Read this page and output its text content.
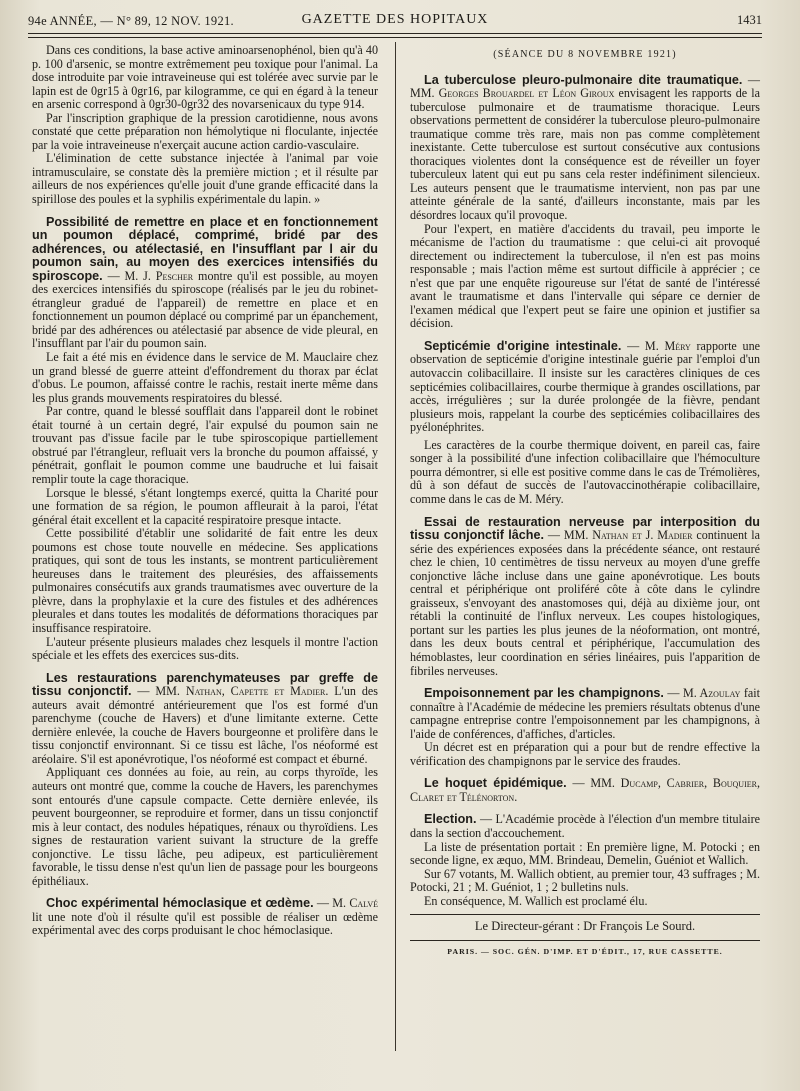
94e ANNÉE, — N° 89, 12 NOV. 1921.	GAZETTE DES HOPITAUX	1431

Dans ces conditions, la base active aminoarsenophénol, bien qu'à 40 p. 100 d'arsenic, se montre extrêmement peu toxique pour l'animal. La dose introduite par voie intraveineuse qui est tolérée avec survie par le lapin est de 0gr15 à 0gr16, par kilogramme, ce qui en égard à la teneur en arsenic correspond à 0gr30-0gr32 des novarsenicaux du type 914.

Par l'inscription graphique de la pression carotidienne, nous avons constaté que cette préparation non hémolytique ni floculante, injectée par la voie intraveineuse n'exerçait aucune action cardio-vasculaire.

L'élimination de cette substance injectée à l'animal par voie intramusculaire, se constate dès la première miction ; et il résulte par ailleurs de nos expériences qu'elle jouit d'une grande efficacité dans la spirillose des poules et la syphilis expérimentale du lapin. »

Possibilité de remettre en place et en fonctionnement un poumon déplacé, comprimé, bridé par des adhérences, ou atélectasié, en l'insufflant par l air du poumon sain, au moyen des exercices intensifiés du spiroscope. — M. J. Pescher montre qu'il est possible, au moyen des exercices intensifiés du spiroscope (réalisés par le jeu du robinet-étrangleur gradué de l'appareil) de remettre en place et en fonctionnement un poumon déplacé ou comprimé par un épanchement, bridé par des adhérences ou atélectasié par absence de vide pleural, en l'insufflant par l'air du poumon sain.

Le fait a été mis en évidence dans le service de M. Mauclaire chez un grand blessé de guerre atteint d'effondrement du thorax par éclat d'obus. Le poumon, affaissé contre le rachis, restait inerte même dans les plus grands mouvements respiratoires du blessé.

Par contre, quand le blessé soufflait dans l'appareil dont le robinet était tourné à un certain degré, l'air expulsé du poumon sain ne trouvant pas d'issue facile par le tube spiroscopique partiellement obstrué par l'étrangleur, refluait vers la bronche du poumon affaissé, y pénétrait, gonflait le poumon comme une baudruche et lui faisait remplir toute la cage thoracique.

Lorsque le blessé, s'étant longtemps exercé, quitta la Charité pour une formation de sa région, le poumon affleurait à la paroi, l'état général était excellent et la capacité respiratoire presque intacte.

Cette possibilité d'établir une solidarité de fait entre les deux poumons est chose toute nouvelle en médecine. Ses applications pratiques, qui sont de tous les instants, se montrent particulièrement heureuses dans le traitement des pleurésies, des affaissements pulmonaires consécutifs aux grands traumatismes avec ouverture de la plèvre, dans la prophylaxie et la cure des fistules et des adhérences pleurales et dans toutes les modalités de déformations thoraciques par insuffisance respiratoire.

L'auteur présente plusieurs malades chez lesquels il montre l'action spéciale et les effets des exercices sus-dits.

Les restaurations parenchymateuses par greffe de tissu conjonctif. — MM. Nathan, Capette et Madier. L'un des auteurs avait démontré antérieurement que l'os est formé d'un parenchyme (couche de Havers) et d'une limitante externe. Cette dernière enlevée, la couche de Havers bourgeonne et prolifère dans le tissu conjonctif environnant. Si ce tissu est lâche, l'os néoformé est aréolaire. S'il est aponévrotique, l'os néoformé est compact et éburné.

Appliquant ces données au foie, au rein, au corps thyroïde, les auteurs ont montré que, comme la couche de Havers, les parenchymes sont entourés d'une capsule compacte. Cette dernière enlevée, ils peuvent bourgeonner, se reproduire et former, dans un tissu conjonctif mis à leur contact, des nodules hépatiques, rénaux ou thyroïdiens. Les signes de restauration varient suivant la structure de la greffe conjonctive. Le tissu lâche, peu adipeux, est particulièrement favorable, le tissu dense n'est qu'un lien de passage pour les bourgeons épithéliaux.

Choc expérimental hémoclasique et œdème. — M. Calvé lit une note d'où il résulte qu'il est possible de réaliser un œdème expérimental avec des corps produisant le choc hémoclasique.

(SÉANCE DU 8 NOVEMBRE 1921)

La tuberculose pleuro-pulmonaire dite traumatique. — MM. Georges Brouardel et Léon Giroux envisagent les rapports de la tuberculose pulmonaire et de traumatisme thoracique. Leurs observations permettent de considérer la tuberculose pleuro-pulmonaire traumatique comme très rare, mais non pas comme complètement inexistante. Cette tuberculose est surtout consécutive aux contusions thoraciques violentes dont la conséquence est de réveiller un foyer tuberculeux latent qui eut pu sans cela rester indéfiniment silencieux. Les auteurs pensent que le traumatisme intervient, non pas par une atteinte générale de la santé, d'ailleurs inconstante, mais par les désordres locaux qu'il provoque.

Pour l'expert, en matière d'accidents du travail, peu importe le mécanisme de l'action du traumatisme : que celui-ci ait provoqué directement ou indirectement la tuberculose, il n'en est pas moins responsable ; mais l'action même est surtout difficile à apprécier ; ce n'est que par une enquête rigoureuse sur l'état de santé de l'intéressé avant le traumatisme et dans l'intervalle qui sépare ce dernier de l'examen médical que l'expert peut se faire une opinion et justifier sa décision.

Septicémie d'origine intestinale. — M. Méry rapporte une observation de septicémie d'origine intestinale guérie par l'emploi d'un autovaccin colibacillaire. Il insiste sur les caractères cliniques de ces septicémies colibacillaires, courbe thermique à grandes oscillations, par accès, irrégulières ; sur la durée prolongée de la fièvre, pendant plusieurs mois, rappelant la courbe des septicémies colibacillaires des pyélonéphrites.

Les caractères de la courbe thermique doivent, en pareil cas, faire songer à la possibilité d'une infection colibacillaire que l'hémoculture pourra démontrer, si elle est positive comme dans le cas de Trémolières, dû à son défaut de succès de l'autovaccinothérapie colibacillaire, comme dans le cas de M. Méry.

Essai de restauration nerveuse par interposition du tissu conjonctif lâche. — MM. Nathan et J. Madier continuent la série des expériences exposées dans la précédente séance, ont restauré chez le chien, 10 centimètres de tissu nerveux au moyen d'une greffe conjonctive lâche incluse dans une gaine aponévrotique. Les bouts central et périphérique ont proliféré côte à côte dans le cylindre graisseux, s'envoyant des anastomoses qui, déjà au dixième jour, ont rétabli la continuité de l'influx nerveux. Les coupes histologiques, portant sur les parties les plus jeunes de la néoformation, ont montré, dans les deux bouts central et périphérique, l'accumulation des hémoblastes, leur coordination en séries linéaires, puis l'apparition de fibriles nerveuses.

Empoisonnement par les champignons. — M. Azoulay fait connaître à l'Académie de médecine les premiers résultats obtenus d'une campagne entreprise contre l'empoisonnement par les champignons, à l'aide de conférences, d'affiches, d'articles.

Un décret est en préparation qui a pour but de rendre effective la vérification des champignons par le service des fraudes.

Le hoquet épidémique. — MM. Ducamp, Cabrier, Bouquier, Claret et Télénorton.

Election. — L'Académie procède à l'élection d'un membre titulaire dans la section d'accouchement.

La liste de présentation portait : En première ligne, M. Potocki ; en seconde ligne, ex æquo, MM. Brindeau, Demelin, Guéniot et Wallich.

Sur 67 votants, M. Wallich obtient, au premier tour, 43 suffrages ; M. Potocki, 21 ; M. Guéniot, 1 ; 2 bulletins nuls.

En conséquence, M. Wallich est proclamé élu.

Le Directeur-gérant : Dr François Le Sourd.

PARIS. — SOC. GÉN. D'IMP. ET D'ÉDIT., 17, RUE CASSETTE.
